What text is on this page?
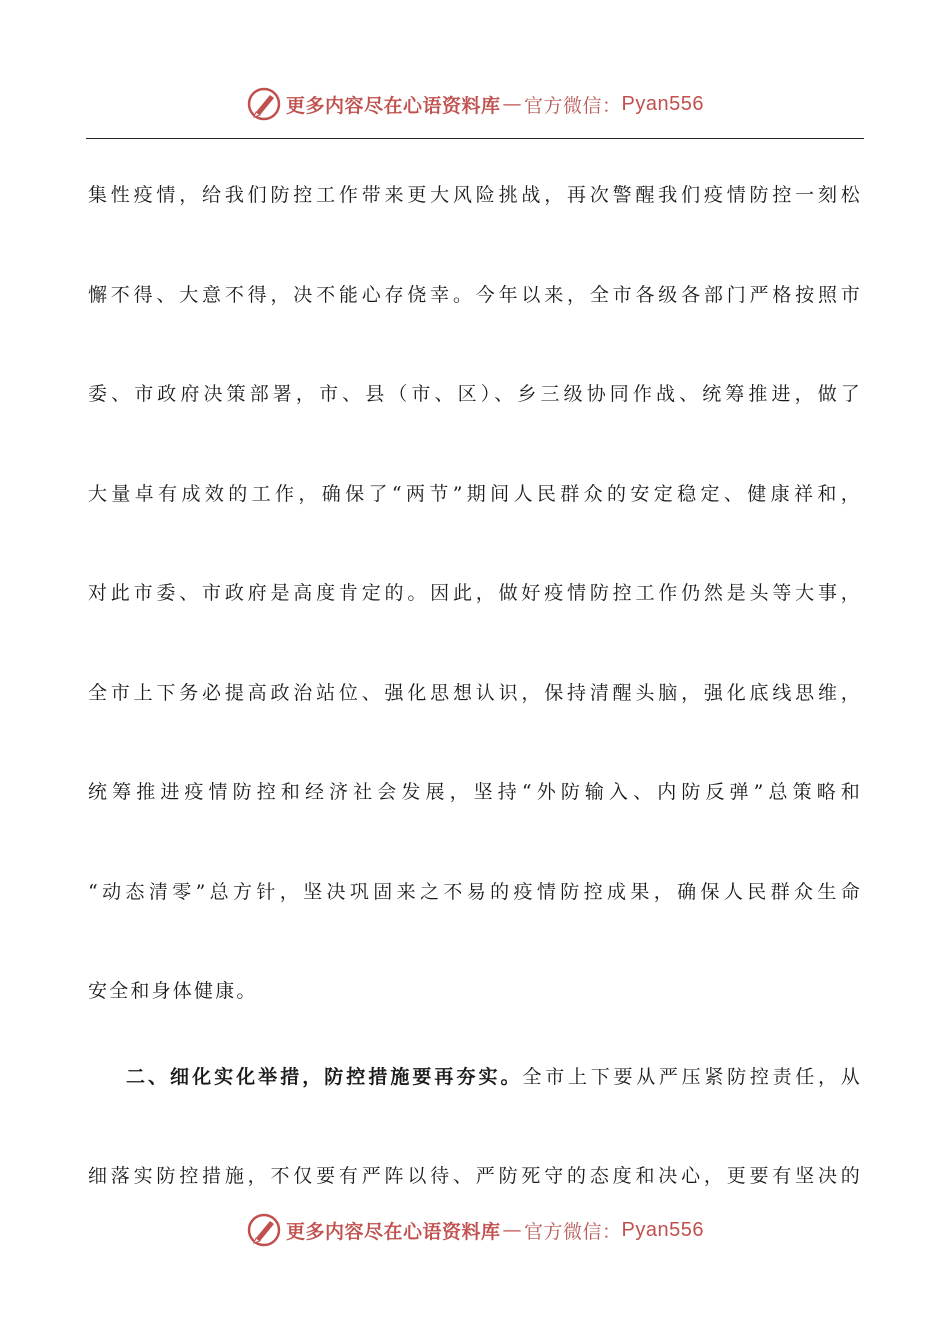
更多内容尽在心语资料库 — 官方微信： Pyan556
集性疫情，给我们防控工作带来更大风险挑战，再次警醒我们疫情防控一刻松
懈不得、大意不得，决不能心存侥幸。今年以来，全市各级各部门严格按照市
委、市政府决策部署，市、县（市、区）、乡三级协同作战、统筹推进，做了
大量卓有成效的工作，确保了“两节”期间人民群众的安定稳定、健康祥和，
对此市委、市政府是高度肯定的。因此，做好疫情防控工作仍然是头等大事，
全市上下务必提高政治站位、强化思想认识，保持清醒头脑，强化底线思维，
统筹推进疫情防控和经济社会发展，坚持“外防输入、内防反弹”总策略和
“动态清零”总方针，坚决巩固来之不易的疫情防控成果，确保人民群众生命
安全和身体健康。
二、细化实化举措，防控措施要再夯实。全市上下要从严压紧防控责任，从
细落实防控措施，不仅要有严阵以待、严防死守的态度和决心，更要有坚决的
更多内容尽在心语资料库 — 官方微信： Pyan556
